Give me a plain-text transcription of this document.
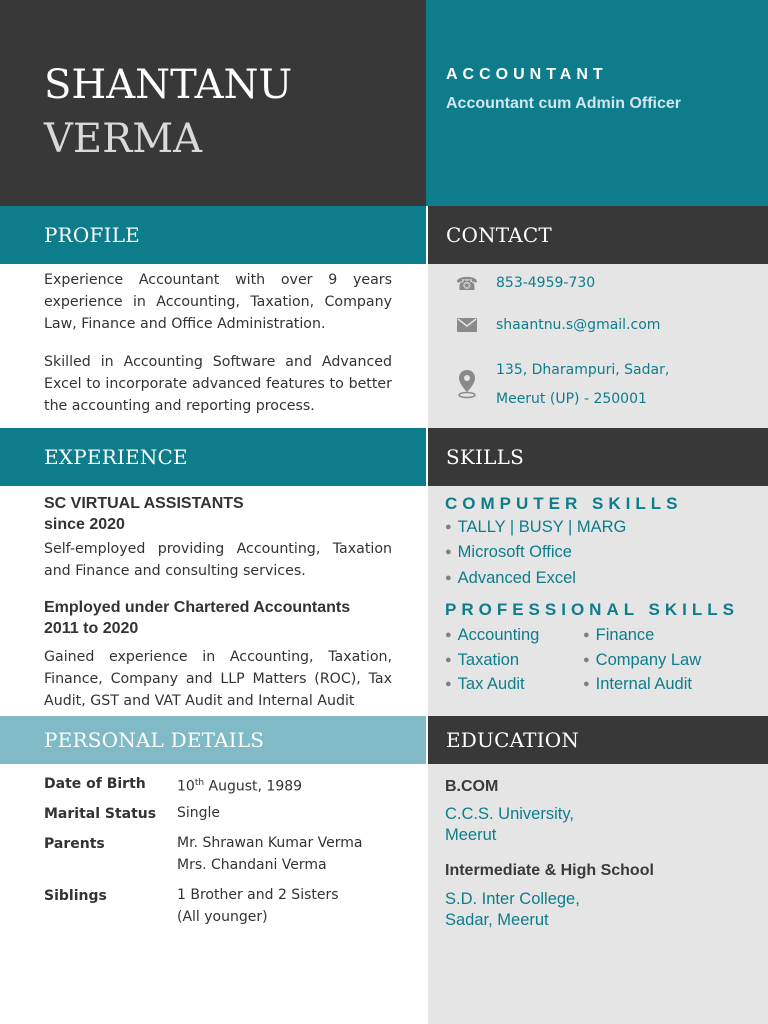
SHANTANU
VERMA
ACCOUNTANT
Accountant cum Admin Officer
PROFILE	CONTACT
EXPERIENCE	SKILLS
PERSONAL DETAILS	EDUCATION
Experience Accountant with over 9 years experience in Accounting, Taxation, Company Law, Finance and Office Administration.
Skilled in Accounting Software and Advanced Excel to incorporate advanced features to better the accounting and reporting process.
☎ 853-4959-730
shaantnu.s@gmail.com
135, Dharampuri, Sadar,
Meerut (UP) - 250001
SC VIRTUAL ASSISTANTS
since 2020
Self-employed providing Accounting, Taxation and Finance and consulting services.
Employed under Chartered Accountants
2011 to 2020
Gained experience in Accounting, Taxation, Finance, Company and LLP Matters (ROC), Tax Audit, GST and VAT Audit and Internal Audit
COMPUTER SKILLS
● TALLY | BUSY | MARG
● Microsoft Office
● Advanced Excel
PROFESSIONAL SKILLS
● Accounting
● Taxation
● Tax Audit
● Finance
● Company Law
● Internal Audit
Date of Birth 10th August, 1989
Marital Status Single
Parents	Mr. Shrawan Kumar Verma
Mrs. Chandani Verma
Siblings	1 Brother and 2 Sisters
(All younger)
B.COM
C.C.S. University,
Meerut
Intermediate & High School
S.D. Inter College,
Sadar, Meerut
